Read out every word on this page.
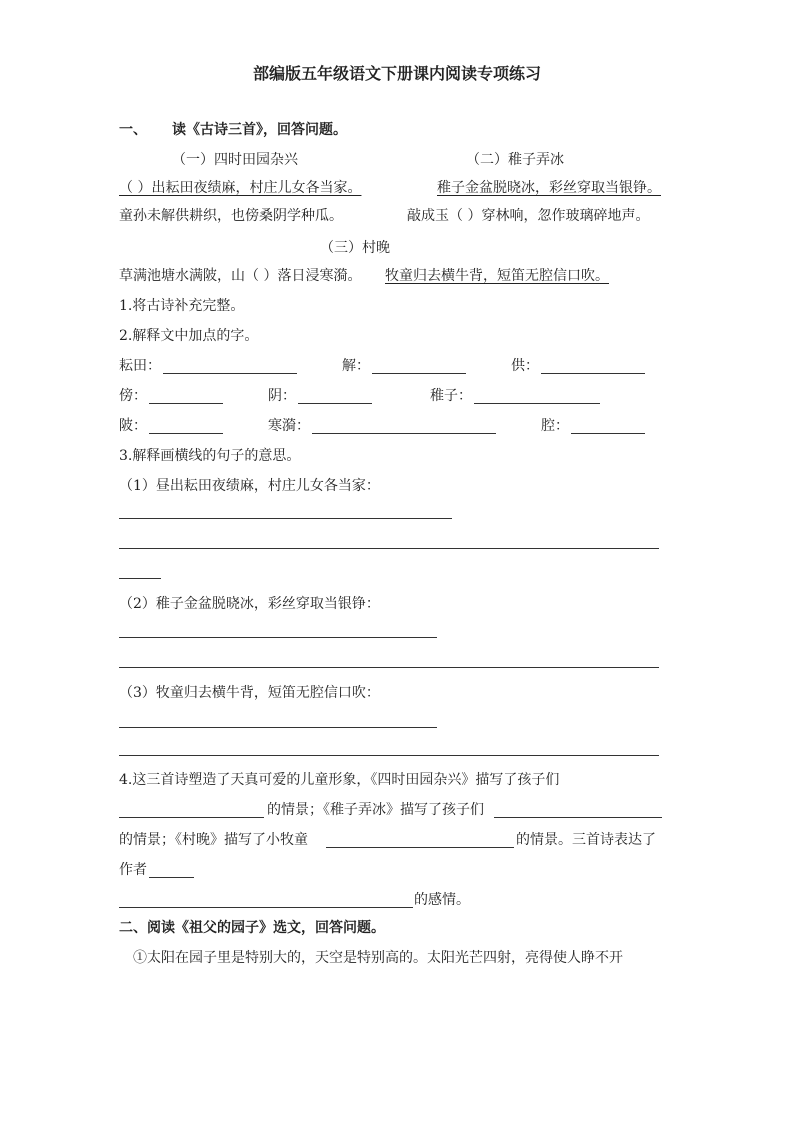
部编版五年级语文下册课内阅读专项练习
一、 读《古诗三首》，回答问题。
（一）四时田园杂兴	（二）稚子弄冰
（ ）出耘田夜绩麻，村庄儿女各当家。	稚子金盆脱晓冰，彩丝穿取当银铮。
童孙未解供耕织，也傍桑阴学种瓜。	敲成玉（ ）穿林响，忽作玻璃碎地声。
（三）村晚
草满池塘水满陂，山（ ）落日浸寒漪。 牧童归去横牛背，短笛无腔信口吹。
1.将古诗补充完整。
2.解释文中加点的字。
耘田：	解：	供：
傍：	阴：	稚子：
陂：	寒漪：	腔：
3.解释画横线的句子的意思。
（1）昼出耘田夜绩麻，村庄儿女各当家：
（2）稚子金盆脱晓冰，彩丝穿取当银铮：
（3）牧童归去横牛背，短笛无腔信口吹：
4.这三首诗塑造了天真可爱的儿童形象，《四时田园杂兴》描写了孩子们
的情景；《稚子弄冰》描写了孩子们
的情景；《村晚》描写了小牧童	的情景。三首诗表达了
作者
的感情。
二、阅读《祖父的园子》选文，回答问题。
①太阳在园子里是特别大的，天空是特别高的。太阳光芒四射，亮得使人睁不开
